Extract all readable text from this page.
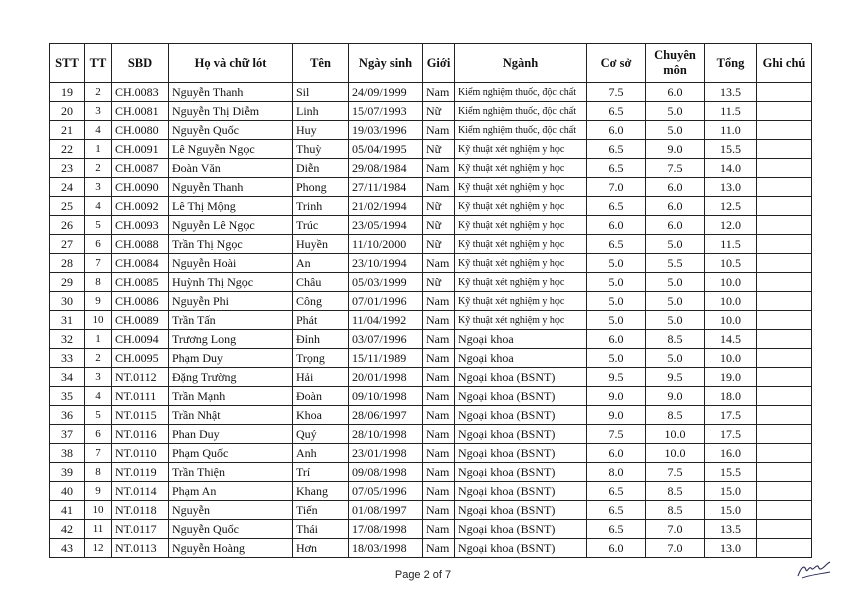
STT	TT	SBD	Họ và chữ lót	Tên	Ngày sinh	Giới	Ngành	Cơ sở	Chuyên môn	Tổng	Ghi chú
19	2	CH.0083	Nguyễn Thanh	Sil	24/09/1999	Nam	Kiểm nghiệm thuốc, độc chất	7.5	6.0	13.5	
20	3	CH.0081	Nguyễn Thị Diễm	Linh	15/07/1993	Nữ	Kiểm nghiệm thuốc, độc chất	6.5	5.0	11.5	
21	4	CH.0080	Nguyễn Quốc	Huy	19/03/1996	Nam	Kiểm nghiệm thuốc, độc chất	6.0	5.0	11.0	
22	1	CH.0091	Lê Nguyễn Ngọc	Thuỳ	05/04/1995	Nữ	Kỹ thuật xét nghiệm y học	6.5	9.0	15.5	
23	2	CH.0087	Đoàn Văn	Diễn	29/08/1984	Nam	Kỹ thuật xét nghiệm y học	6.5	7.5	14.0	
24	3	CH.0090	Nguyễn Thanh	Phong	27/11/1984	Nam	Kỹ thuật xét nghiệm y học	7.0	6.0	13.0	
25	4	CH.0092	Lê Thị Mộng	Trinh	21/02/1994	Nữ	Kỹ thuật xét nghiệm y học	6.5	6.0	12.5	
26	5	CH.0093	Nguyễn Lê Ngọc	Trúc	23/05/1994	Nữ	Kỹ thuật xét nghiệm y học	6.0	6.0	12.0	
27	6	CH.0088	Trần Thị Ngọc	Huyền	11/10/2000	Nữ	Kỹ thuật xét nghiệm y học	6.5	5.0	11.5	
28	7	CH.0084	Nguyễn Hoài	An	23/10/1994	Nam	Kỹ thuật xét nghiệm y học	5.0	5.5	10.5	
29	8	CH.0085	Huỳnh Thị Ngọc	Châu	05/03/1999	Nữ	Kỹ thuật xét nghiệm y học	5.0	5.0	10.0	
30	9	CH.0086	Nguyễn Phi	Công	07/01/1996	Nam	Kỹ thuật xét nghiệm y học	5.0	5.0	10.0	
31	10	CH.0089	Trần Tấn	Phát	11/04/1992	Nam	Kỹ thuật xét nghiệm y học	5.0	5.0	10.0	
32	1	CH.0094	Trương Long	Đỉnh	03/07/1996	Nam	Ngoại khoa	6.0	8.5	14.5	
33	2	CH.0095	Phạm Duy	Trọng	15/11/1989	Nam	Ngoại khoa	5.0	5.0	10.0	
34	3	NT.0112	Đặng Trường	Hải	20/01/1998	Nam	Ngoại khoa (BSNT)	9.5	9.5	19.0	
35	4	NT.0111	Trần Mạnh	Đoàn	09/10/1998	Nam	Ngoại khoa (BSNT)	9.0	9.0	18.0	
36	5	NT.0115	Trần Nhật	Khoa	28/06/1997	Nam	Ngoại khoa (BSNT)	9.0	8.5	17.5	
37	6	NT.0116	Phan Duy	Quý	28/10/1998	Nam	Ngoại khoa (BSNT)	7.5	10.0	17.5	
38	7	NT.0110	Phạm Quốc	Anh	23/01/1998	Nam	Ngoại khoa (BSNT)	6.0	10.0	16.0	
39	8	NT.0119	Trần Thiện	Trí	09/08/1998	Nam	Ngoại khoa (BSNT)	8.0	7.5	15.5	
40	9	NT.0114	Phạm An	Khang	07/05/1996	Nam	Ngoại khoa (BSNT)	6.5	8.5	15.0	
41	10	NT.0118	Nguyễn	Tiến	01/08/1997	Nam	Ngoại khoa (BSNT)	6.5	8.5	15.0	
42	11	NT.0117	Nguyễn Quốc	Thái	17/08/1998	Nam	Ngoại khoa (BSNT)	6.5	7.0	13.5	
43	12	NT.0113	Nguyễn Hoàng	Hơn	18/03/1998	Nam	Ngoại khoa (BSNT)	6.0	7.0	13.0	
Page 2 of 7
